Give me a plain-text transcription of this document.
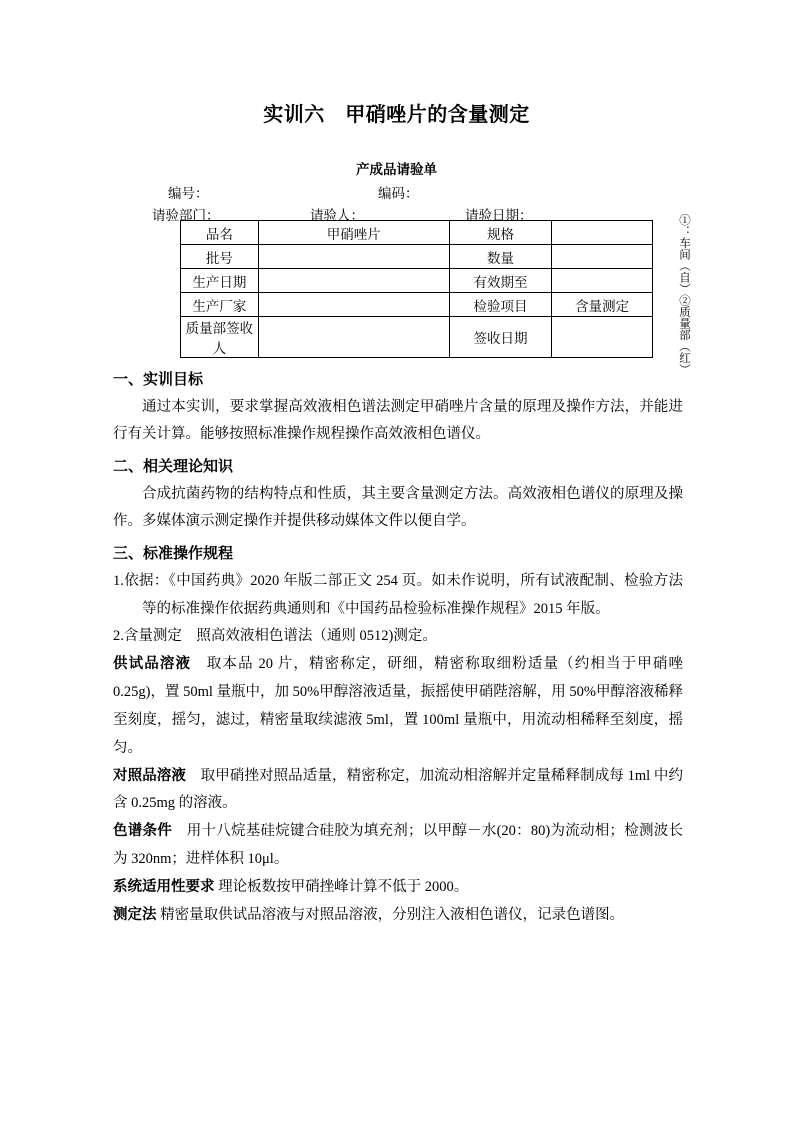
实训六　甲硝唑片的含量测定
产成品请验单
编号：	编码：
请验部门：	请验人：	请验日期：
品名	甲硝唑片	规格	
批号		数量	
生产日期		有效期至	
生产厂家		检验项目	含量测定
质量部签收人		签收日期		①：车间（自）②质量部（红）
一、实训目标

通过本实训，要求掌握高效液相色谱法测定甲硝唑片含量的原理及操作方法，并能进行有关计算。能够按照标准操作规程操作高效液相色谱仪。

二、相关理论知识

合成抗菌药物的结构特点和性质，其主要含量测定方法。高效液相色谱仪的原理及操作。多媒体演示测定操作并提供移动媒体文件以便自学。

三、标准操作规程

1.依据：《中国药典》2020 年版二部正文 254 页。如未作说明，所有试液配制、检验方法等的标准操作依据药典通则和《中国药品检验标准操作规程》2015 年版。

2.含量测定　照高效液相色谱法（通则 0512)测定。

供试品溶液　取本品 20 片，精密称定，研细，精密称取细粉适量（约相当于甲硝唑 0.25g)，置 50ml 量瓶中，加 50%甲醇溶液适量，振摇使甲硝陛溶解，用 50%甲醇溶液稀释至刻度，摇匀，滤过，精密量取续滤液 5ml，置 100ml 量瓶中，用流动相稀释至刻度，摇匀。

对照品溶液　取甲硝挫对照品适量，精密称定，加流动相溶解并定量稀释制成每 1ml 中约含 0.25mg 的溶液。

色谱条件　用十八烷基硅烷键合硅胶为填充剂；以甲醇－水(20：80)为流动相；检测波长为 320nm；进样体积 10μl。

系统适用性要求 理论板数按甲硝挫峰计算不低于 2000。

测定法 精密量取供试品溶液与对照品溶液，分别注入液相色谱仪，记录色谱图。
